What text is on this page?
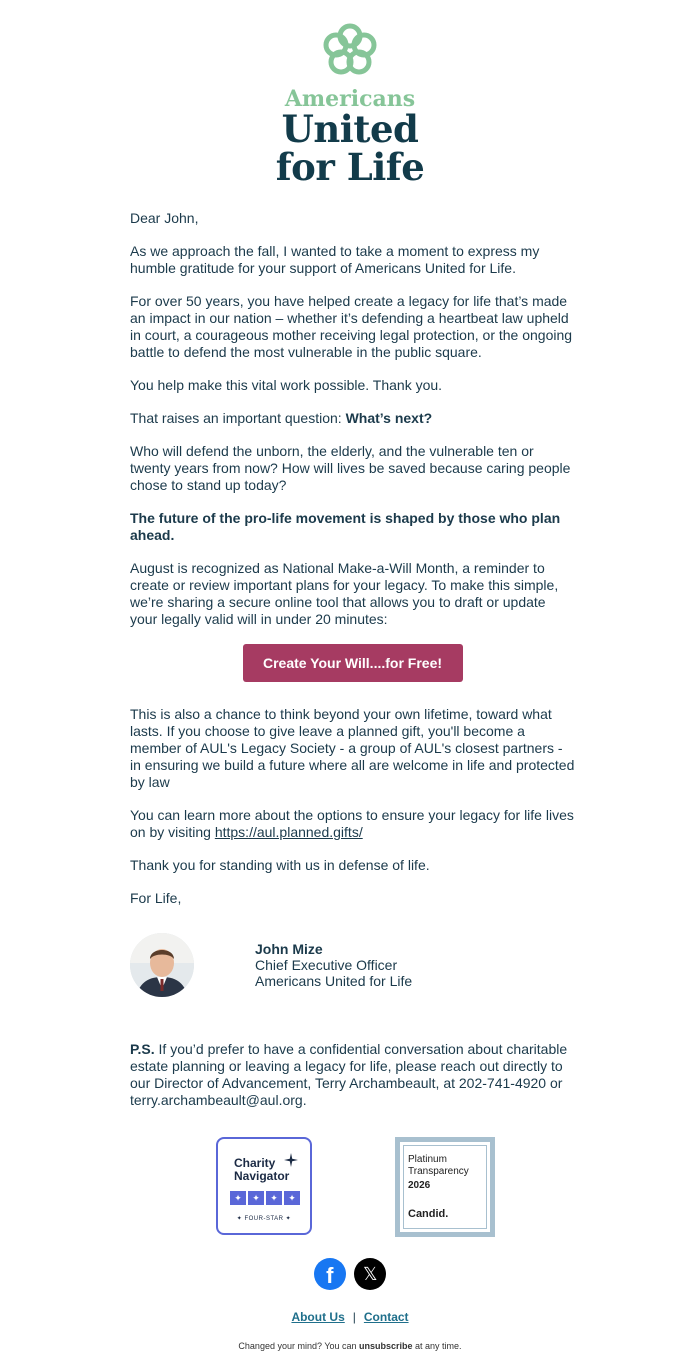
Americans
United
for Life

Dear John,

As we approach the fall, I wanted to take a moment to express my humble gratitude for your support of Americans United for Life.

For over 50 years, you have helped create a legacy for life that’s made an impact in our nation – whether it’s defending a heartbeat law upheld in court, a courageous mother receiving legal protection, or the ongoing battle to defend the most vulnerable in the public square.

You help make this vital work possible. Thank you.

That raises an important question: What’s next?

Who will defend the unborn, the elderly, and the vulnerable ten or twenty years from now? How will lives be saved because caring people chose to stand up today?

The future of the pro-life movement is shaped by those who plan ahead.

August is recognized as National Make-a-Will Month, a reminder to create or review important plans for your legacy. To make this simple, we’re sharing a secure online tool that allows you to draft or update your legally valid will in under 20 minutes:

Create Your Will....for Free!

This is also a chance to think beyond your own lifetime, toward what lasts. If you choose to give leave a planned gift, you'll become a member of AUL's Legacy Society - a group of AUL's closest partners - in ensuring we build a future where all are welcome in life and protected by law

You can learn more about the options to ensure your legacy for life lives on by visiting https://aul.planned.gifts/

Thank you for standing with us in defense of life.

For Life,

John Mize
Chief Executive Officer
Americans United for Life

P.S. If you’d prefer to have a confidential conversation about charitable estate planning or leaving a legacy for life, please reach out directly to our Director of Advancement, Terry Archambeault, at 202-741-4920 or terry.archambeault@aul.org.

Charity
Navigator
✦	✦	✦	✦
✦ FOUR-STAR ✦
Platinum
Transparency
2026
Candid.
f 𝕏
About Us | Contact
Changed your mind? You can unsubscribe at any time.
